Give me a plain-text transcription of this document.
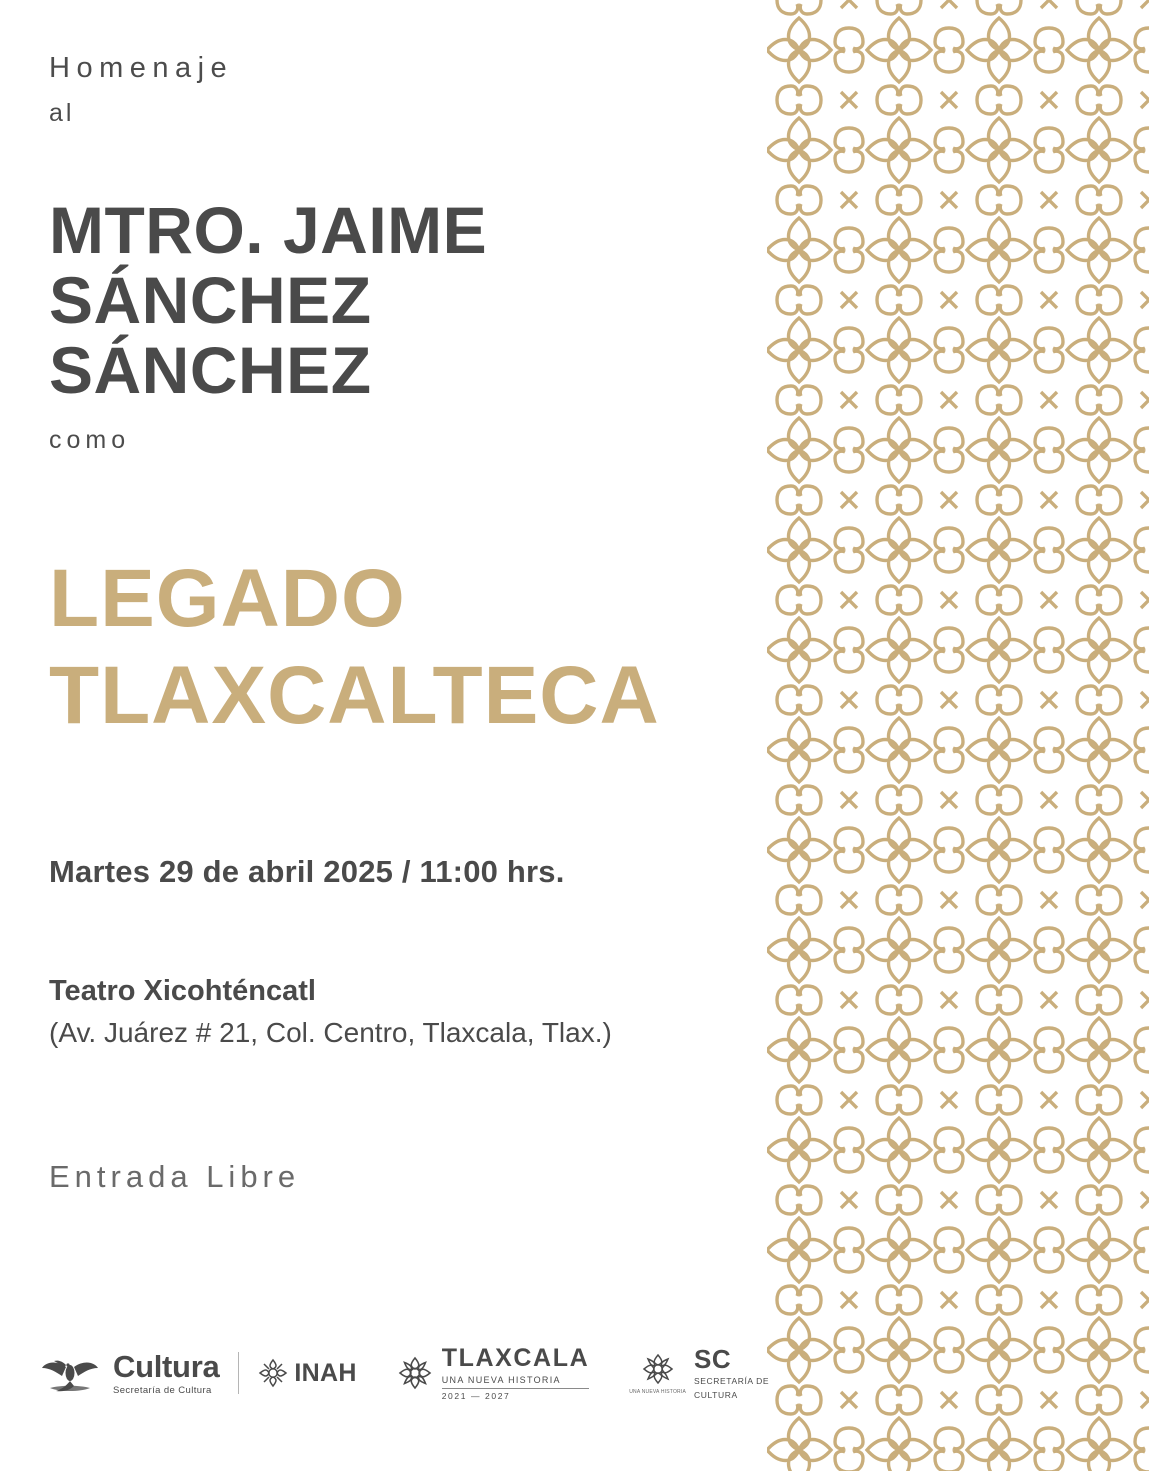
Homenaje
al
MTRO. JAIME
SÁNCHEZ SÁNCHEZ
como
LEGADO
TLAXCALTECA
Martes 29 de abril 2025 / 11:00 hrs.
Teatro Xicohténcatl
(Av. Juárez # 21, Col. Centro, Tlaxcala, Tlax.)
Entrada Libre
Cultura
Secretaría de Cultura
INAH
TLAXCALA
UNA NUEVA HISTORIA
2021 — 2027	UNA NUEVA HISTORIA
SC
SECRETARÍA DE
CULTURA
